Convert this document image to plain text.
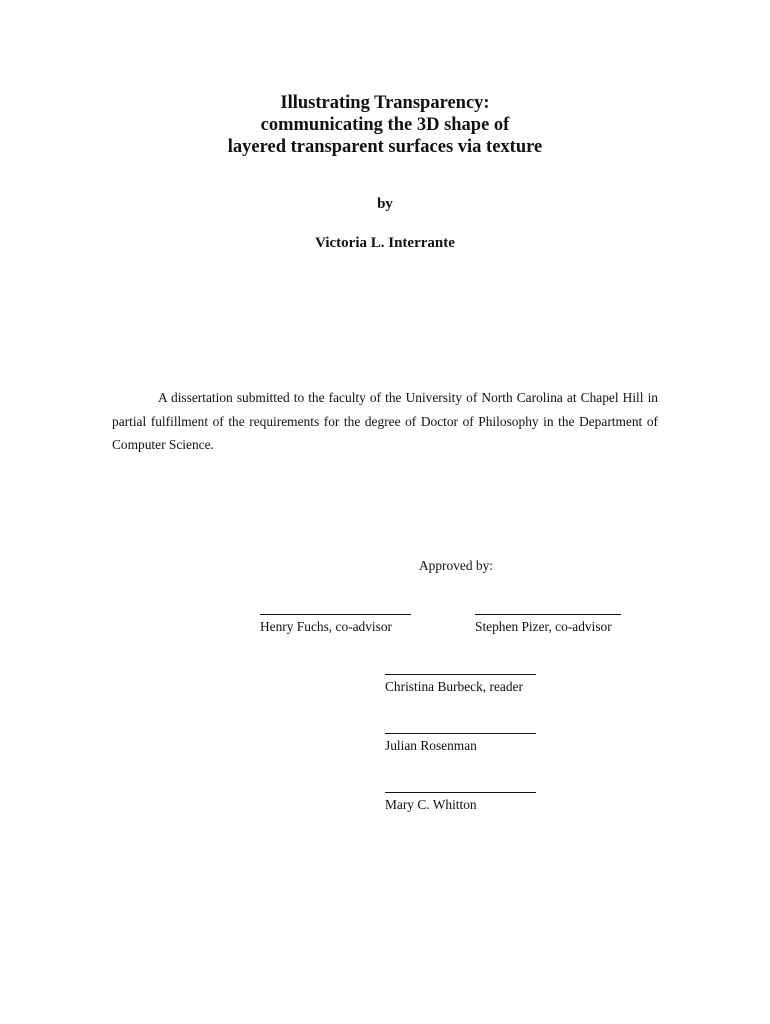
Illustrating Transparency:
communicating the 3D shape of
layered transparent surfaces via texture
by
Victoria L. Interrante
A dissertation submitted to the faculty of the University of North Carolina at Chapel Hill in partial fulfillment of the requirements for the degree of Doctor of Philosophy in the Department of Computer Science.
Approved by:
Henry Fuchs, co-advisor	Stephen Pizer, co-advisor
Christina Burbeck, reader
Julian Rosenman
Mary C. Whitton
